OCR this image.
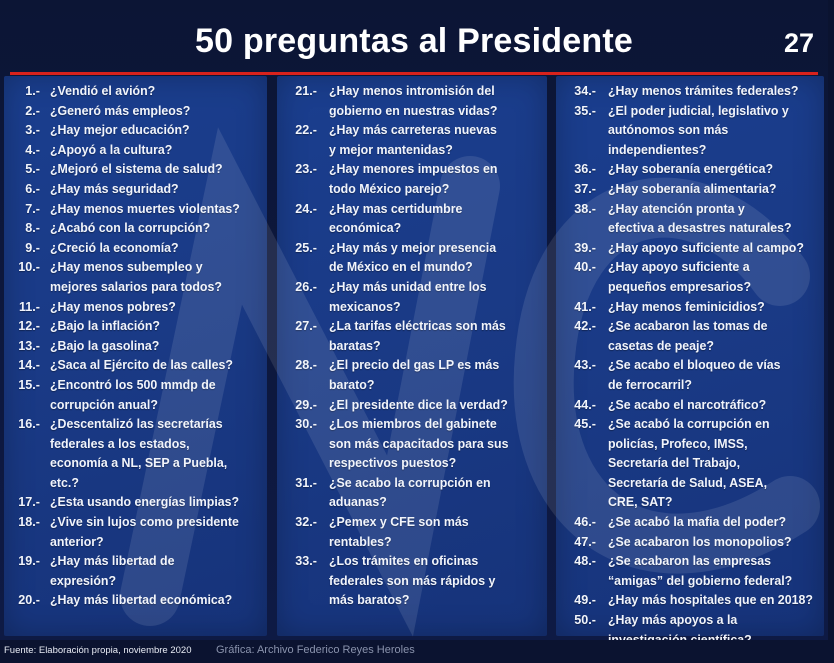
50 preguntas al Presidente	27
1.- ¿Vendió el avión?
2.- ¿Generó más empleos?
3.- ¿Hay mejor educación?
4.- ¿Apoyó a la cultura?
5.- ¿Mejoró el sistema de salud?
6.- ¿Hay más seguridad?
7.- ¿Hay menos muertes violentas?
8.- ¿Acabó con la corrupción?
9.- ¿Creció la economía?
10.- ¿Hay menos subempleo y
mejores salarios para todos?
11.- ¿Hay menos pobres?
12.- ¿Bajo la inflación?
13.- ¿Bajo la gasolina?
14.- ¿Saca al Ejército de las calles?
15.- ¿Encontró los 500 mmdp de
corrupción anual?
16.- ¿Descentalizó las secretarías
federales a los estados,
economía a NL, SEP a Puebla,
etc.?
17.- ¿Esta usando energías limpias?
18.- ¿Vive sin lujos como presidente
anterior?
19.- ¿Hay más libertad de
expresión?
20.- ¿Hay más libertad económica?
21.- ¿Hay menos intromisión del
gobierno en nuestras vidas?
22.- ¿Hay más carreteras nuevas
y mejor mantenidas?
23.- ¿Hay menores impuestos en
todo México parejo?
24.- ¿Hay mas certidumbre
económica?
25.- ¿Hay más y mejor presencia
de México en el mundo?
26.- ¿Hay más unidad entre los
mexicanos?
27.- ¿La tarifas eléctricas son más
baratas?
28.- ¿El precio del gas LP es más
barato?
29.- ¿El presidente dice la verdad?
30.- ¿Los miembros del gabinete
son más capacitados para sus
respectivos puestos?
31.- ¿Se acabo la corrupción en
aduanas?
32.- ¿Pemex y CFE son más
rentables?
33.- ¿Los trámites en oficinas
federales son más rápidos y
más baratos?
34.- ¿Hay menos trámites federales?
35.- ¿El poder judicial, legislativo y
autónomos son más
independientes?
36.- ¿Hay soberanía energética?
37.- ¿Hay soberanía alimentaria?
38.- ¿Hay atención pronta y
efectiva a desastres naturales?
39.- ¿Hay apoyo suficiente al campo?
40.- ¿Hay apoyo suficiente a
pequeños empresarios?
41.- ¿Hay menos feminicidios?
42.- ¿Se acabaron las tomas de
casetas de peaje?
43.- ¿Se acabo el bloqueo de vías
de ferrocarril?
44.- ¿Se acabo el narcotráfico?
45.- ¿Se acabó la corrupción en
policías, Profeco, IMSS,
Secretaría del Trabajo,
Secretaría de Salud, ASEA,
CRE, SAT?
46.- ¿Se acabó la mafia del poder?
47.- ¿Se acabaron los monopolios?
48.- ¿Se acabaron las empresas
“amigas” del gobierno federal?
49.- ¿Hay más hospitales que en 2018?
50.- ¿Hay más apoyos a la
Fuente: Elaboración propia, noviembre 2020 Gráfica: Archivo Federico Reyes Heroles
